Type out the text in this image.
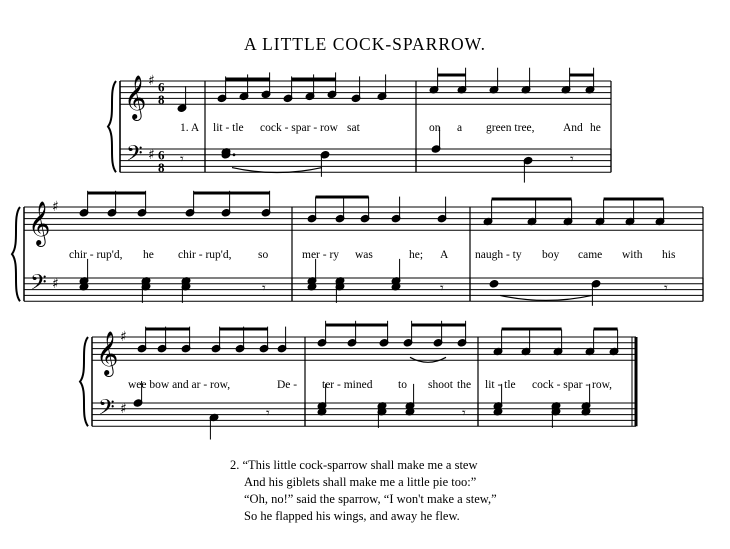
A LITTLE COCK-SPARROW.
𝄞
𝄢
♯
♯
6
8
6
8
𝄾	𝄾
1. A lit - tle cock - spar - row sat	on a green tree, And he
𝄞
𝄢
♯
♯	𝄾	𝄾	𝄾
chir - rup'd, he chir - rup'd, so	mer - ry was	he; A naugh - ty boy came with his
𝄞
𝄢
♯
♯	𝄾	𝄾
wee bow and ar - row,	De - ter - mined to shoot the lit - tle cock - spar - row,
2. “This little cock-sparrow shall make me a stew
And his giblets shall make me a little pie too:”
“Oh, no!” said the sparrow, “I won't make a stew,”
So he flapped his wings, and away he flew.
